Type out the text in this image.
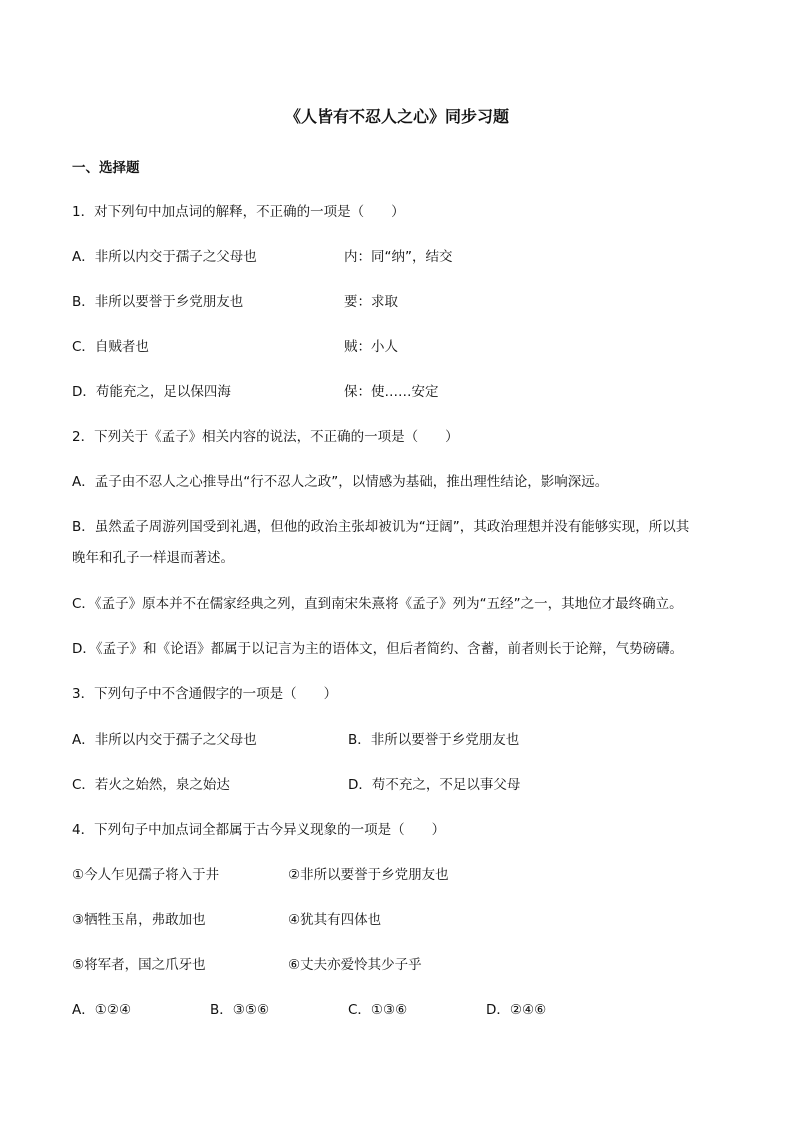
《人皆有不忍人之心》同步习题
一、选择题
1．对下列句中加点词的解释，不正确的一项是（　　）
A．非所以内交于孺子之父母也	内：同“纳”，结交
B．非所以要誉于乡党朋友也	要：求取
C．自贼者也	贼：小人
D．苟能充之，足以保四海	保：使……安定
2．下列关于《孟子》相关内容的说法，不正确的一项是（　　）
A．孟子由不忍人之心推导出“行不忍人之政”，以情感为基础，推出理性结论，影响深远。
B．虽然孟子周游列国受到礼遇，但他的政治主张却被讥为“迂阔”，其政治理想并没有能够实现，所以其
晚年和孔子一样退而著述。
C．《孟子》原本并不在儒家经典之列，直到南宋朱熹将《孟子》列为“五经”之一，其地位才最终确立。
D．《孟子》和《论语》都属于以记言为主的语体文，但后者简约、含蓄，前者则长于论辩，气势磅礴。
3．下列句子中不含通假字的一项是（　　）
A．非所以内交于孺子之父母也	B．非所以要誉于乡党朋友也
C．若火之始然，泉之始达	D．苟不充之，不足以事父母
4．下列句子中加点词全都属于古今异义现象的一项是（　　）
①今人乍见孺子将入于井	②非所以要誉于乡党朋友也
③牺牲玉帛，弗敢加也	④犹其有四体也
⑤将军者，国之爪牙也	⑥丈夫亦爱怜其少子乎
A．①②④	B．③⑤⑥	C．①③⑥	D．②④⑥
